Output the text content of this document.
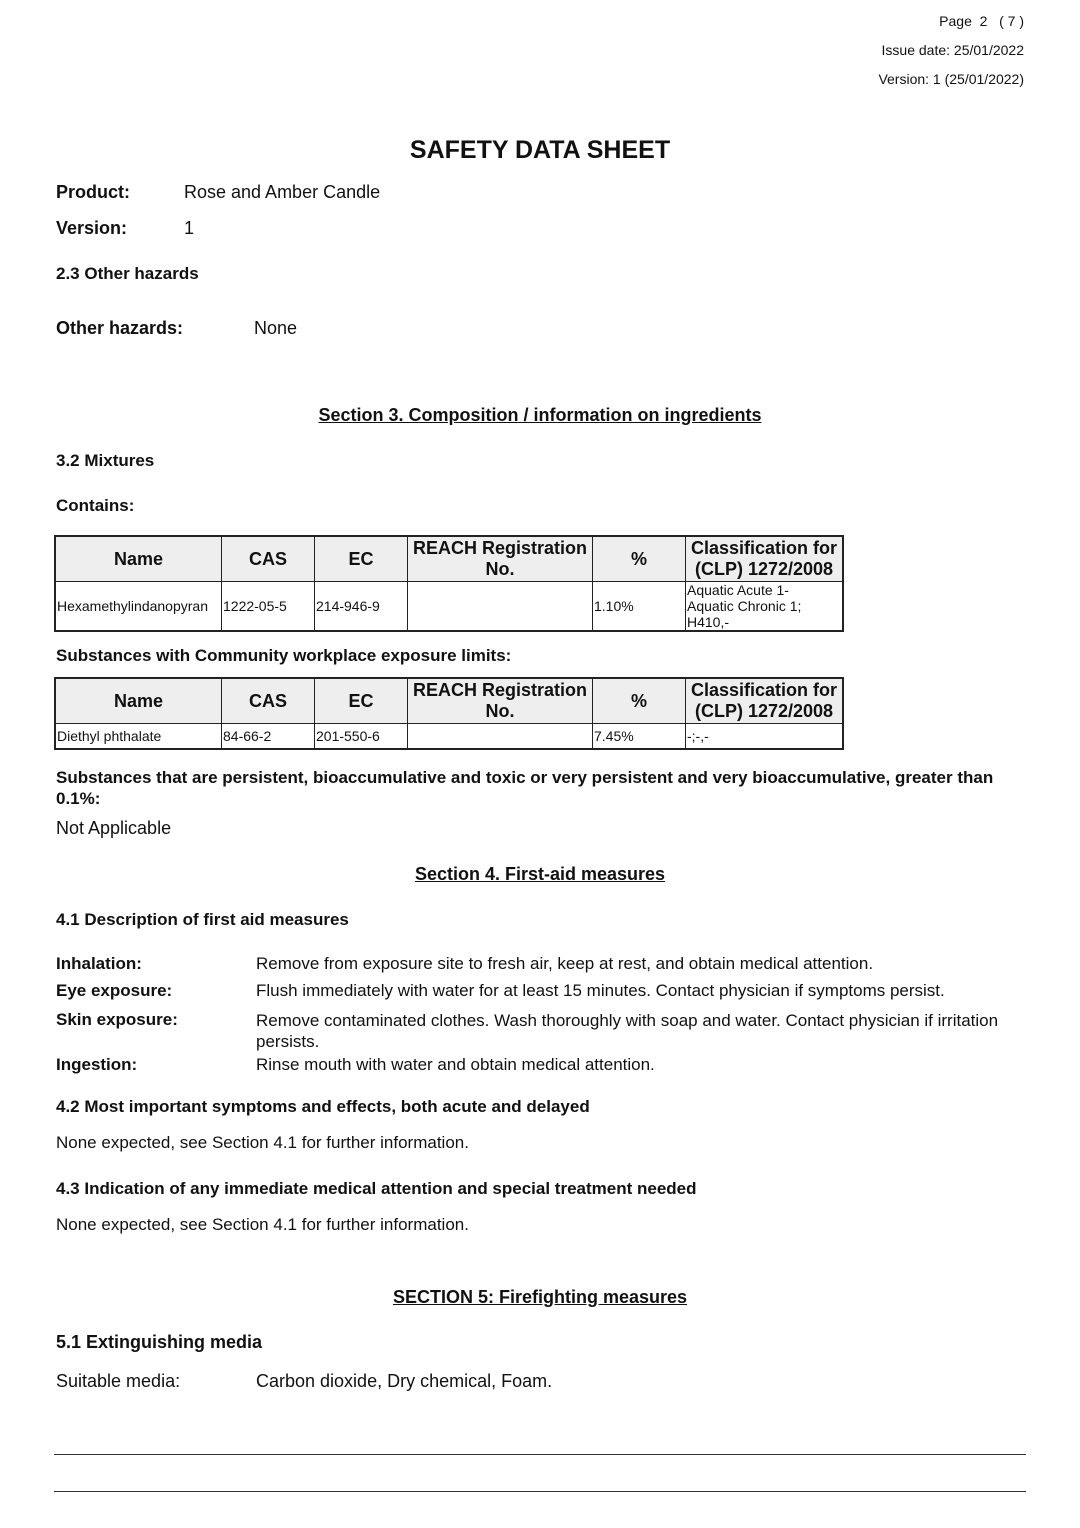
Page 2 ( 7 )
Issue date: 25/01/2022
Version: 1 (25/01/2022)
SAFETY DATA SHEET
Product:	Rose and Amber Candle
Version:	1
2.3 Other hazards
Other hazards:	None
Section 3. Composition / information on ingredients
3.2 Mixtures
Contains:
Name	CAS	EC	REACH Registration No.	%	Classification for (CLP) 1272/2008
Hexamethylindanopyran	1222-05-5	214-946-9		1.10%	Aquatic Acute 1-
Aquatic Chronic 1;
H410,-
Substances with Community workplace exposure limits:
Name	CAS	EC	REACH Registration No.	%	Classification for (CLP) 1272/2008
Diethyl phthalate	84-66-2	201-550-6		7.45%	-;-,-
Substances that are persistent, bioaccumulative and toxic or very persistent and very bioaccumulative, greater than 0.1%:
Not Applicable
Section 4. First-aid measures
4.1 Description of first aid measures
Inhalation:	Remove from exposure site to fresh air, keep at rest, and obtain medical attention.
Eye exposure:	Flush immediately with water for at least 15 minutes. Contact physician if symptoms persist.
Skin exposure:	Remove contaminated clothes. Wash thoroughly with soap and water. Contact physician if irritation persists.
Ingestion:	Rinse mouth with water and obtain medical attention.
4.2 Most important symptoms and effects, both acute and delayed
None expected, see Section 4.1 for further information.
4.3 Indication of any immediate medical attention and special treatment needed
None expected, see Section 4.1 for further information.
SECTION 5: Firefighting measures
5.1 Extinguishing media
Suitable media:	Carbon dioxide, Dry chemical, Foam.
